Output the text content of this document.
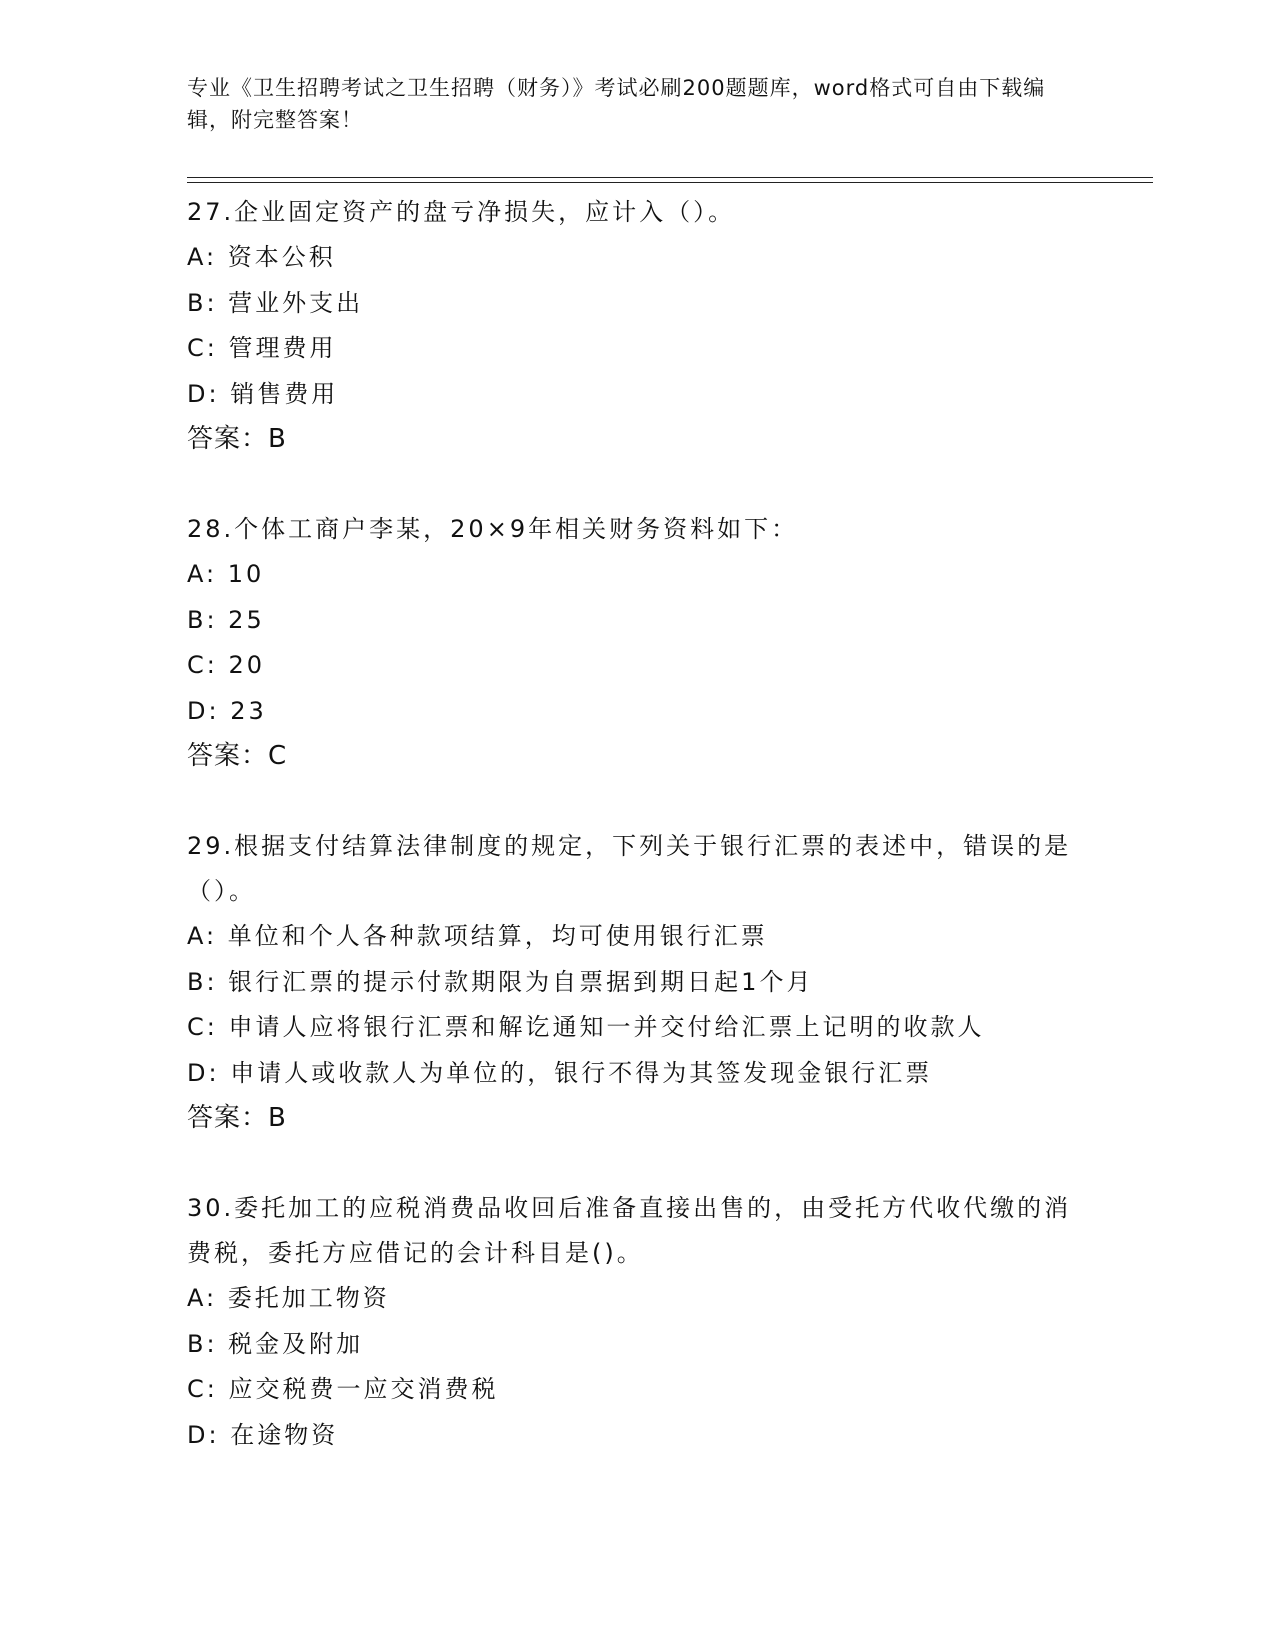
专业《卫生招聘考试之卫生招聘（财务）》考试必刷200题题库，word格式可自由下载编辑，附完整答案！

27.企业固定资产的盘亏净损失，应计入（）。

A: 资本公积

B: 营业外支出

C: 管理费用

D: 销售费用

答案：B

28.个体工商户李某，20×9年相关财务资料如下：

A: 10

B: 25

C: 20

D: 23

答案：C

29.根据支付结算法律制度的规定，下列关于银行汇票的表述中，错误的是（）。

A: 单位和个人各种款项结算，均可使用银行汇票

B: 银行汇票的提示付款期限为自票据到期日起1个月

C: 申请人应将银行汇票和解讫通知一并交付给汇票上记明的收款人

D: 申请人或收款人为单位的，银行不得为其签发现金银行汇票

答案：B

30.委托加工的应税消费品收回后准备直接出售的，由受托方代收代缴的消费税，委托方应借记的会计科目是()。

A: 委托加工物资

B: 税金及附加

C: 应交税费一应交消费税

D: 在途物资
